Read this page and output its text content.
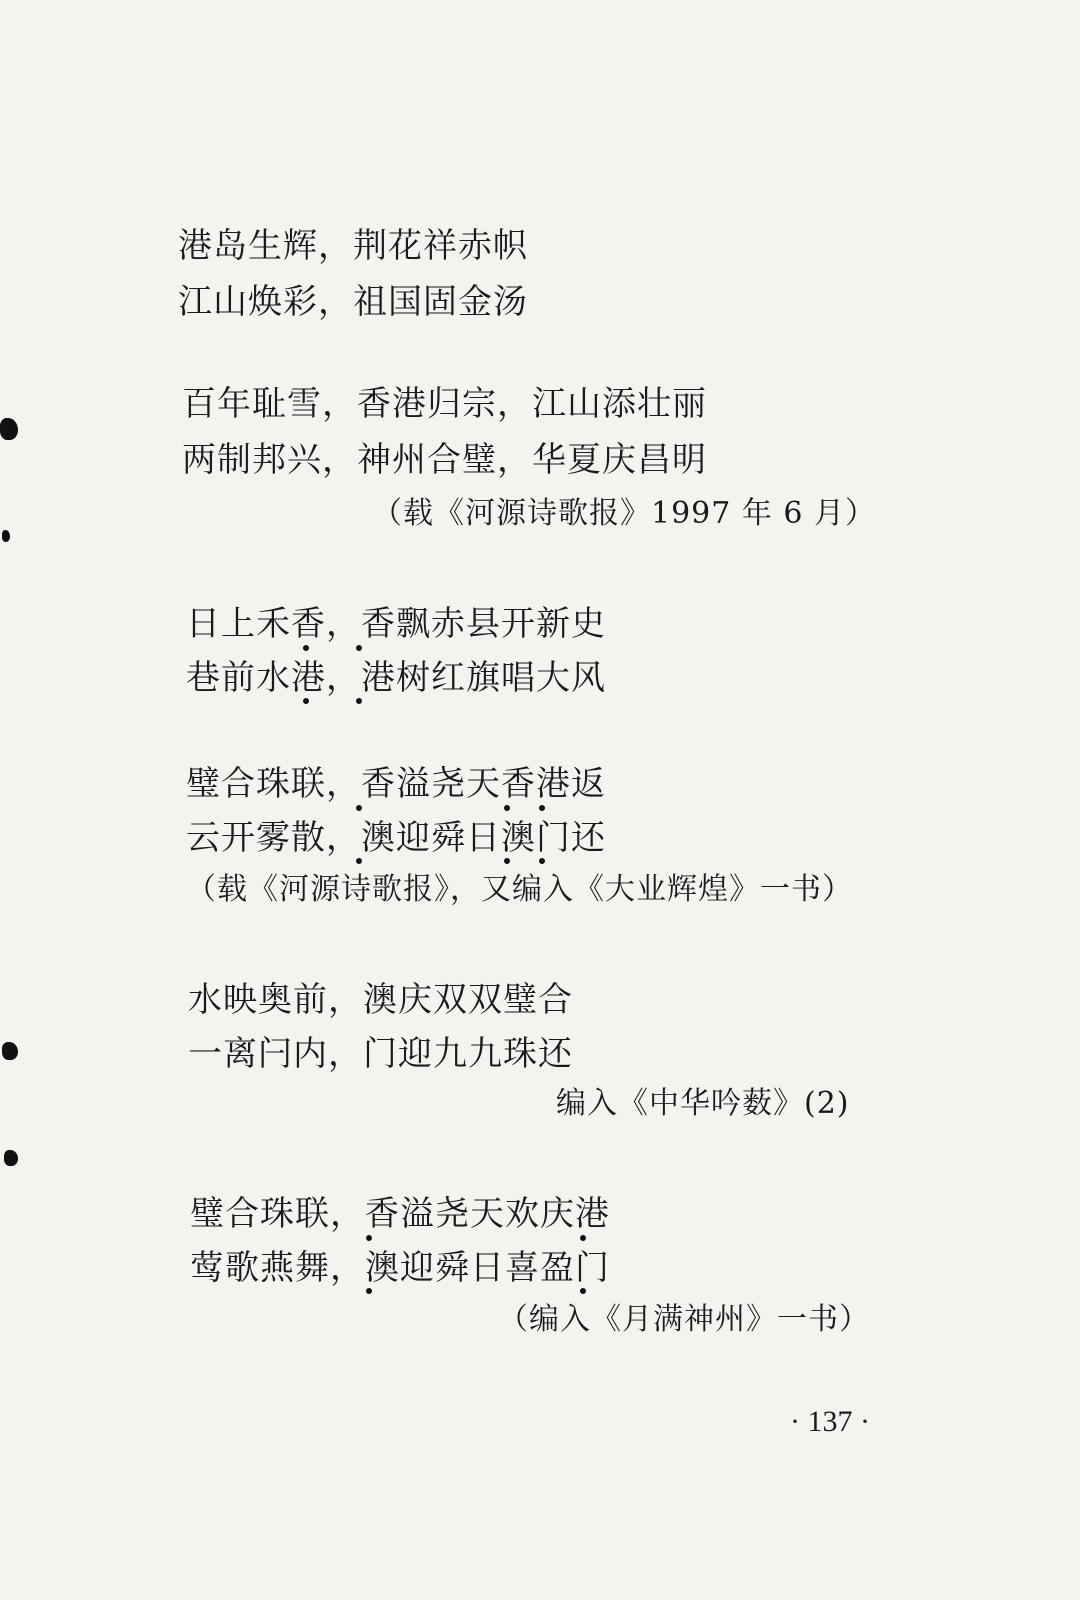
港岛生辉，荆花祥赤帜
江山焕彩，祖国固金汤
百年耻雪，香港归宗，江山添壮丽
两制邦兴，神州合璧，华夏庆昌明
（载《河源诗歌报》1997 年 6 月）
日上禾香，香飘赤县开新史
巷前水港，港树红旗唱大风
璧合珠联，香溢尧天香港返
云开雾散，澳迎舜日澳门还
（载《河源诗歌报》，又编入《大业辉煌》一书）
水映奥前，澳庆双双璧合
一离闩内，门迎九九珠还
编入《中华吟薮》(2)
璧合珠联，香溢尧天欢庆港
莺歌燕舞，澳迎舜日喜盈门
（编入《月满神州》一书）
· 137 ·
